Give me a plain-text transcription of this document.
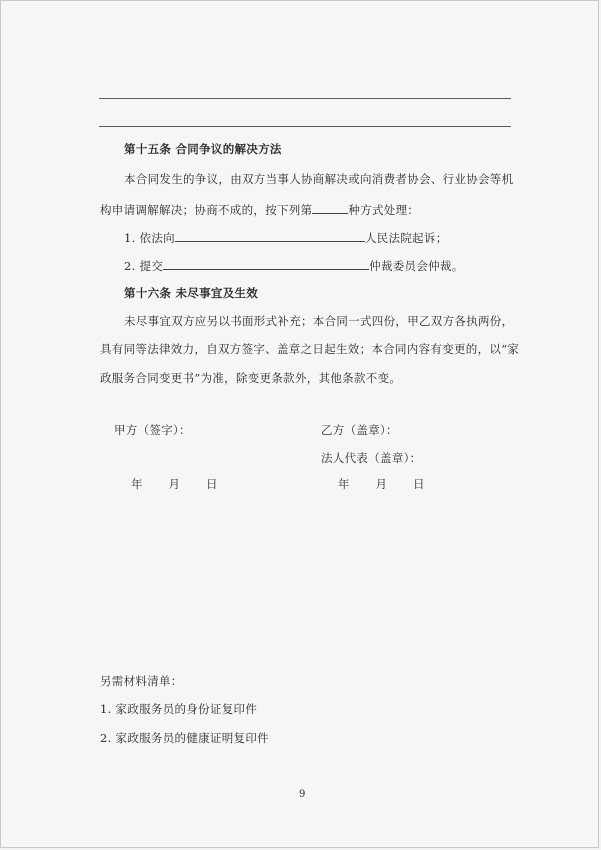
第十五条 合同争议的解决方法
本合同发生的争议，由双方当事人协商解决或向消费者协会、行业协会等机
构申请调解解决；协商不成的，按下列第	种方式处理：
1. 依法向	人民法院起诉；
2. 提交	仲裁委员会仲裁。
第十六条 未尽事宜及生效
未尽事宜双方应另以书面形式补充；本合同一式四份，甲乙双方各执两份，
具有同等法律效力，自双方签字、盖章之日起生效；本合同内容有变更的，以“家
政服务合同变更书”为准，除变更条款外，其他条款不变。
甲方（签字）：	乙方（盖章）：
法人代表（盖章）：
年　　月　　日	年　　月　　日
另需材料清单：
1. 家政服务员的身份证复印件
2. 家政服务员的健康证明复印件
9
